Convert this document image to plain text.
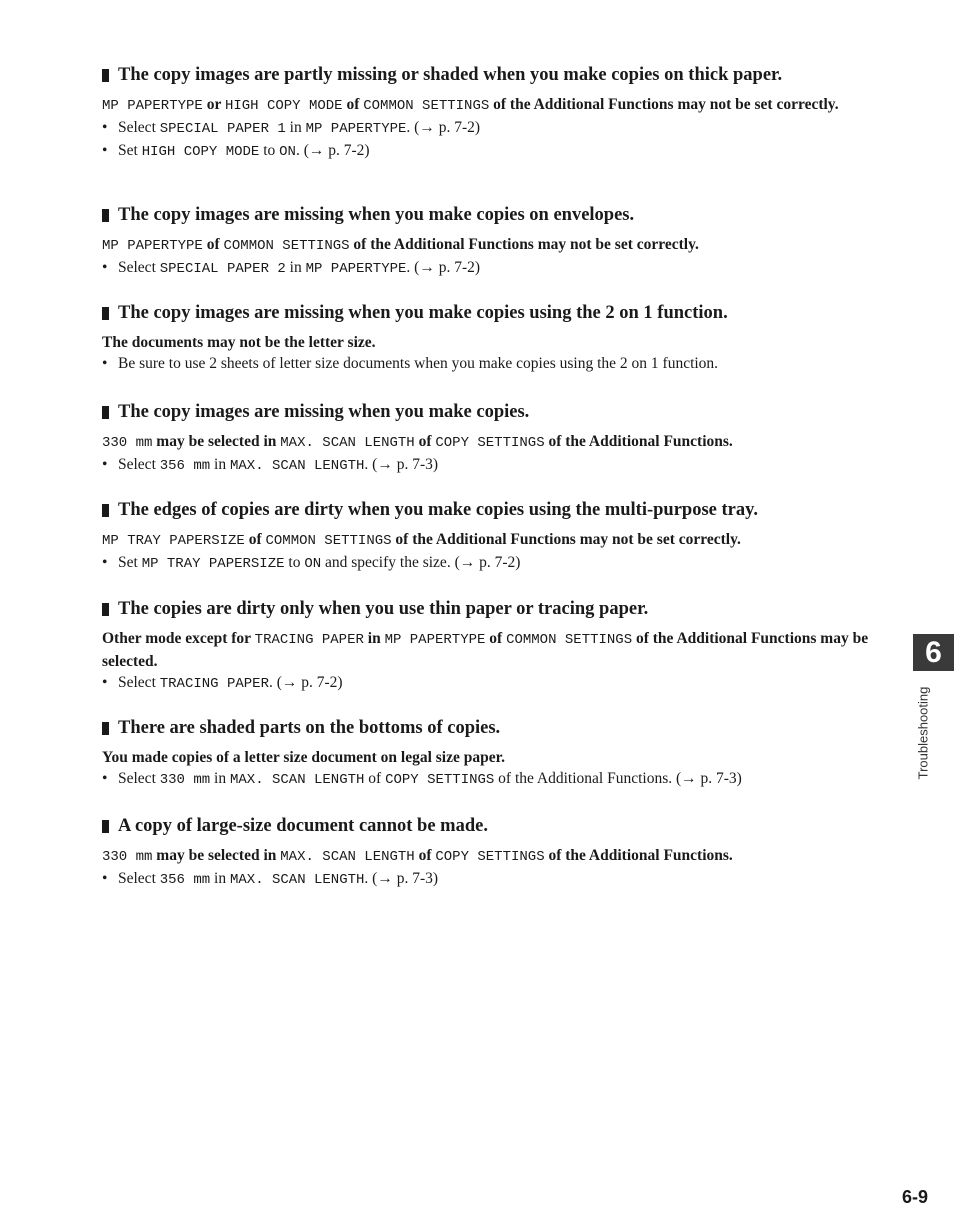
The copy images are partly missing or shaded when you make copies on thick paper.

MP PAPERTYPE or HIGH COPY MODE of COMMON SETTINGS of the Additional Functions may not be set correctly.

• Select SPECIAL PAPER 1 in MP PAPERTYPE. (→ p. 7-2)

• Set HIGH COPY MODE to ON. (→ p. 7-2)

The copy images are missing when you make copies on envelopes.

MP PAPERTYPE of COMMON SETTINGS of the Additional Functions may not be set correctly.

• Select SPECIAL PAPER 2 in MP PAPERTYPE. (→ p. 7-2)

The copy images are missing when you make copies using the 2 on 1 function.

The documents may not be the letter size.

• Be sure to use 2 sheets of letter size documents when you make copies using the 2 on 1 function.

The copy images are missing when you make copies.

330 mm may be selected in MAX. SCAN LENGTH of COPY SETTINGS of the Additional Functions.

• Select 356 mm in MAX. SCAN LENGTH. (→ p. 7-3)

The edges of copies are dirty when you make copies using the multi-purpose tray.

MP TRAY PAPERSIZE of COMMON SETTINGS of the Additional Functions may not be set correctly.

• Set MP TRAY PAPERSIZE to ON and specify the size. (→ p. 7-2)

The copies are dirty only when you use thin paper or tracing paper.

Other mode except for TRACING PAPER in MP PAPERTYPE of COMMON SETTINGS of the Additional Functions may be selected.

• Select TRACING PAPER. (→ p. 7-2)

There are shaded parts on the bottoms of copies.

You made copies of a letter size document on legal size paper.

• Select 330 mm in MAX. SCAN LENGTH of COPY SETTINGS of the Additional Functions. (→ p. 7-3)

A copy of large-size document cannot be made.

330 mm may be selected in MAX. SCAN LENGTH of COPY SETTINGS of the Additional Functions.

• Select 356 mm in MAX. SCAN LENGTH. (→ p. 7-3)

6
Troubleshooting
6-9
